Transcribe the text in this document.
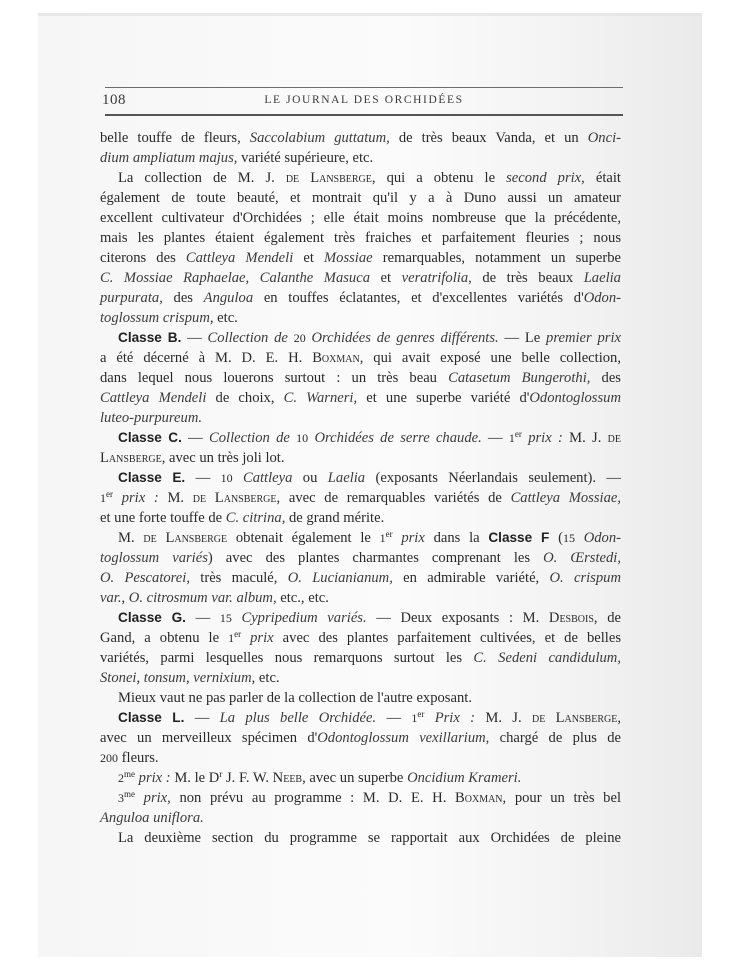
108	LE JOURNAL DES ORCHIDÉES
belle touffe de fleurs, Saccolabium guttatum, de très beaux Vanda, et un Onci-
dium ampliatum majus, variété supérieure, etc.
La collection de M. J. de Lansberge, qui a obtenu le second prix, était
également de toute beauté, et montrait qu'il y a à Duno aussi un amateur
excellent cultivateur d'Orchidées ; elle était moins nombreuse que la précédente,
mais les plantes étaient également très fraiches et parfaitement fleuries ; nous
citerons des Cattleya Mendeli et Mossiae remarquables, notamment un superbe
C. Mossiae Raphaelae, Calanthe Masuca et veratrifolia, de très beaux Laelia
purpurata, des Anguloa en touffes éclatantes, et d'excellentes variétés d'Odon-
toglossum crispum, etc.
Classe B. — Collection de 20 Orchidées de genres différents. — Le premier prix
a été décerné à M. D. E. H. Boxman, qui avait exposé une belle collection,
dans lequel nous louerons surtout : un très beau Catasetum Bungerothi, des
Cattleya Mendeli de choix, C. Warneri, et une superbe variété d'Odontoglossum
luteo-purpureum.
Classe C. — Collection de 10 Orchidées de serre chaude. — 1er prix : M. J. de
Lansberge, avec un très joli lot.
Classe E. — 10 Cattleya ou Laelia (exposants Néerlandais seulement). —
1er prix : M. de Lansberge, avec de remarquables variétés de Cattleya Mossiae,
et une forte touffe de C. citrina, de grand mérite.
M. de Lansberge obtenait également le 1er prix dans la Classe F (15 Odon-
toglossum variés) avec des plantes charmantes comprenant les O. Œrstedi,
O. Pescatorei, très maculé, O. Lucianianum, en admirable variété, O. crispum
var., O. citrosmum var. album, etc., etc.
Classe G. — 15 Cypripedium variés. — Deux exposants : M. Desbois, de
Gand, a obtenu le 1er prix avec des plantes parfaitement cultivées, et de belles
variétés, parmi lesquelles nous remarquons surtout les C. Sedeni candidulum,
Stonei, tonsum, vernixium, etc.
Mieux vaut ne pas parler de la collection de l'autre exposant.
Classe L. — La plus belle Orchidée. — 1er Prix : M. J. de Lansberge,
avec un merveilleux spécimen d'Odontoglossum vexillarium, chargé de plus de
200 fleurs.
$2^{me}$ prix : M. le $D^r$ J. F. W. Neeb, avec un superbe Oncidium Krameri.
$3^{me}$ prix, non prévu au programme : M. D. E. H. Boxman, pour un très bel
Anguloa uniflora.
La deuxième section du programme se rapportait aux Orchidées de pleine
